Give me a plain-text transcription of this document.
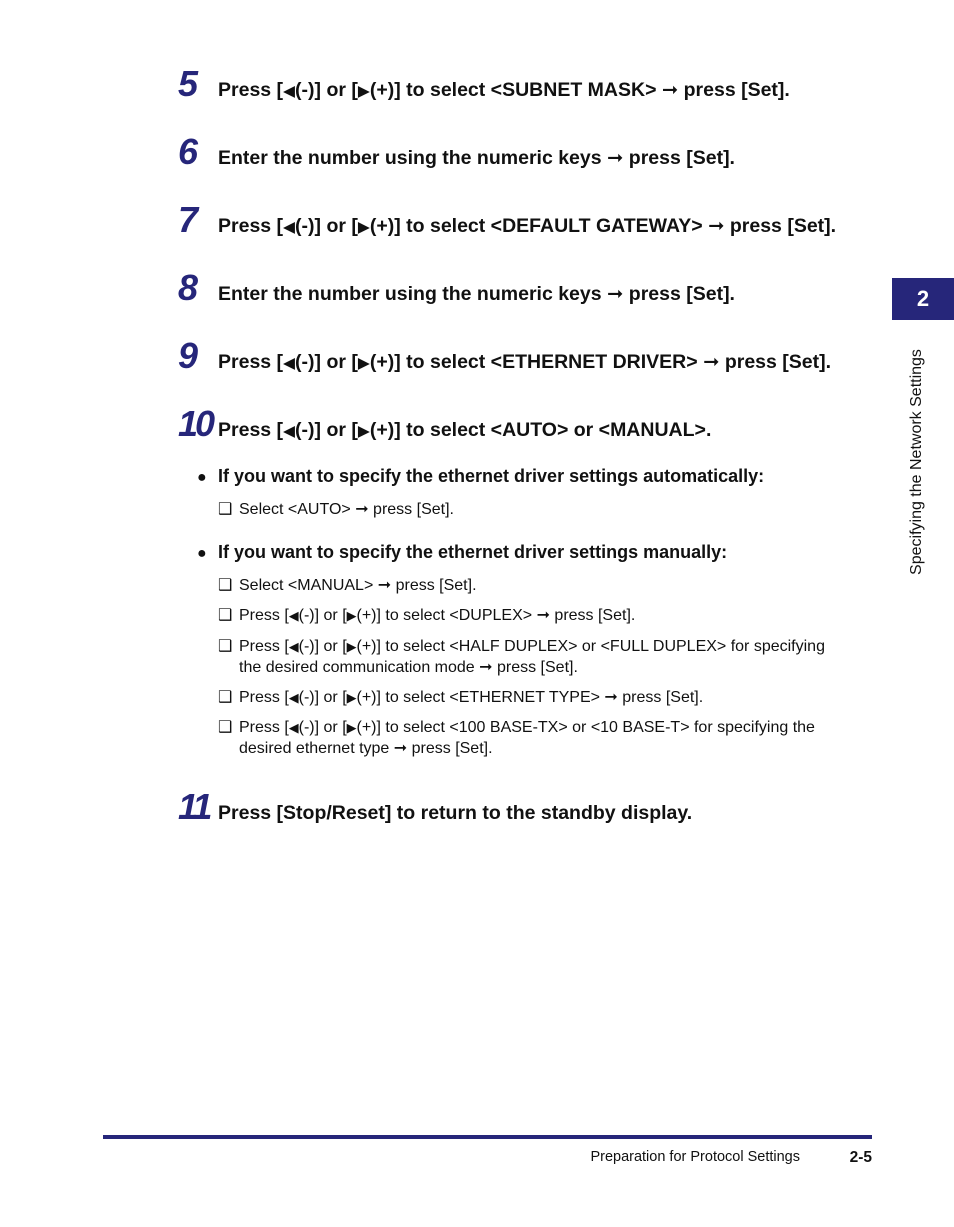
5	Press [◀(-)] or [▶(+)] to select <SUBNET MASK> ➞ press [Set].
6	Enter the number using the numeric keys ➞ press [Set].
7	Press [◀(-)] or [▶(+)] to select <DEFAULT GATEWAY> ➞ press [Set].
8	Enter the number using the numeric keys ➞ press [Set].
9	Press [◀(-)] or [▶(+)] to select <ETHERNET DRIVER> ➞ press [Set].
10 Press [◀(-)] or [▶(+)] to select <AUTO> or <MANUAL>.
● If you want to specify the ethernet driver settings automatically:
❑ Select <AUTO> ➞ press [Set].
● If you want to specify the ethernet driver settings manually:
❑ Select <MANUAL> ➞ press [Set].
❑ Press [◀(-)] or [▶(+)] to select <DUPLEX> ➞ press [Set].
❑ Press [◀(-)] or [▶(+)] to select <HALF DUPLEX> or <FULL DUPLEX> for specifying
the desired communication mode ➞ press [Set].
❑ Press [◀(-)] or [▶(+)] to select <ETHERNET TYPE> ➞ press [Set].
❑ Press [◀(-)] or [▶(+)] to select <100 BASE-TX> or <10 BASE-T> for specifying the
desired ethernet type ➞ press [Set].
11 Press [Stop/Reset] to return to the standby display.
2
Specifying the Network Settings
Preparation for Protocol Settings	2-5
